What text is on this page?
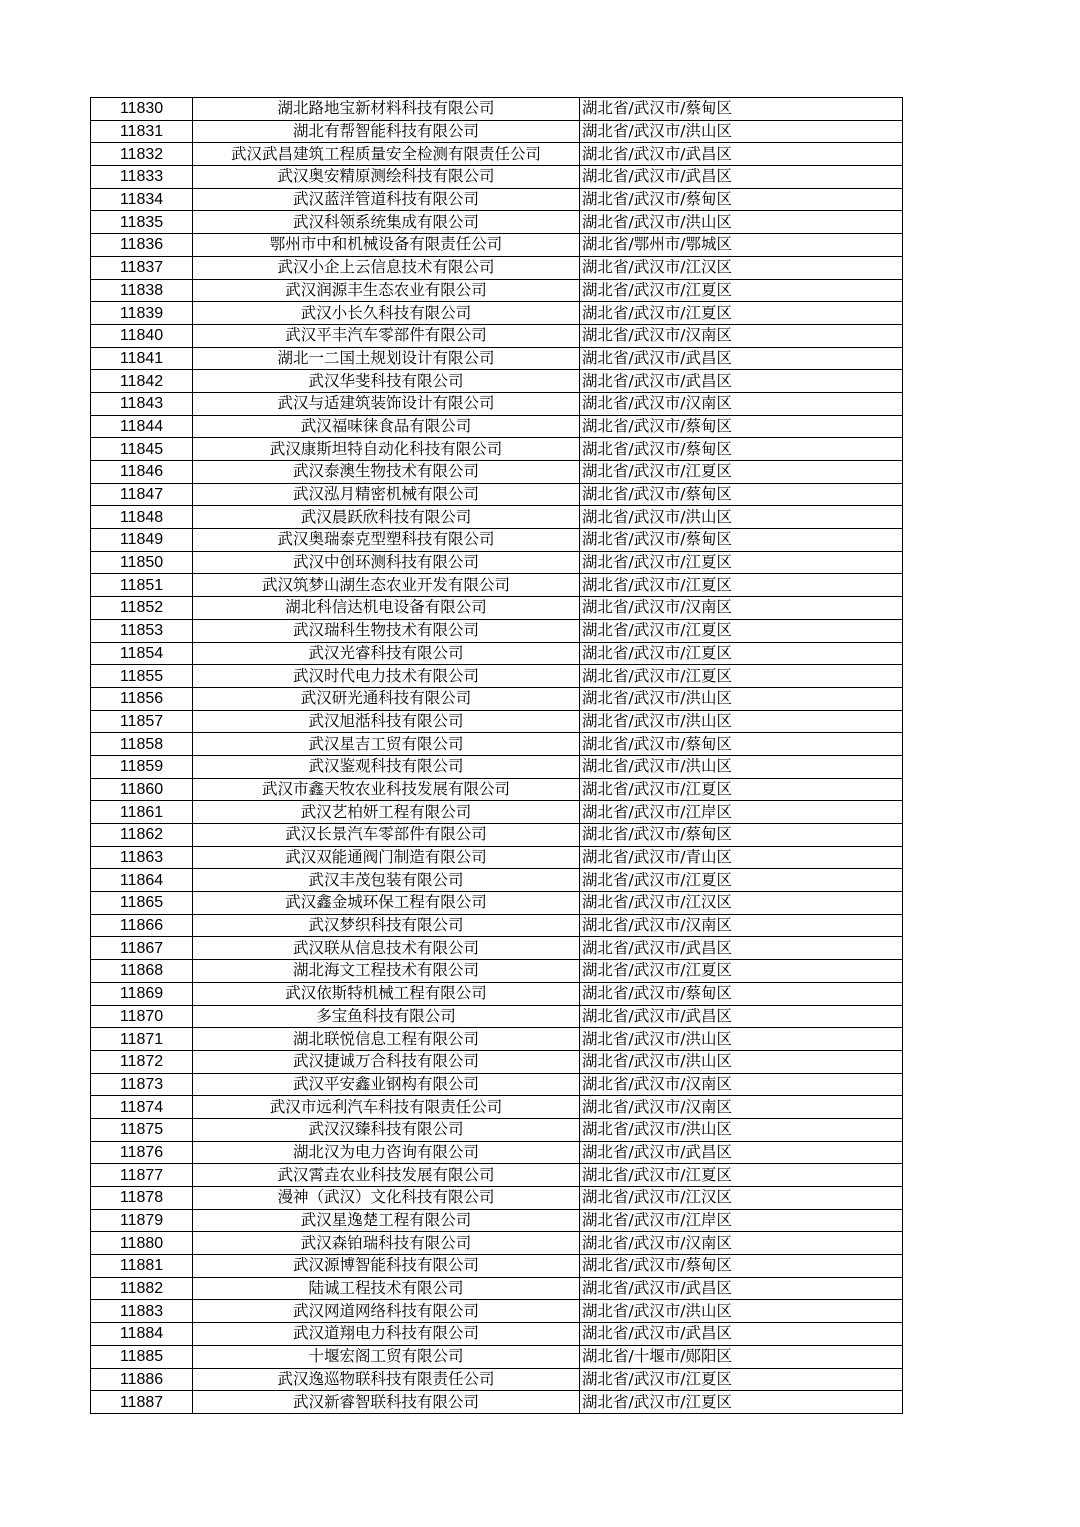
11830	湖北路地宝新材料科技有限公司	湖北省/武汉市/蔡甸区
11831	湖北有帮智能科技有限公司	湖北省/武汉市/洪山区
11832	武汉武昌建筑工程质量安全检测有限责任公司	湖北省/武汉市/武昌区
11833	武汉奥安精原测绘科技有限公司	湖北省/武汉市/武昌区
11834	武汉蓝洋管道科技有限公司	湖北省/武汉市/蔡甸区
11835	武汉科领系统集成有限公司	湖北省/武汉市/洪山区
11836	鄂州市中和机械设备有限责任公司	湖北省/鄂州市/鄂城区
11837	武汉小企上云信息技术有限公司	湖北省/武汉市/江汉区
11838	武汉润源丰生态农业有限公司	湖北省/武汉市/江夏区
11839	武汉小长久科技有限公司	湖北省/武汉市/江夏区
11840	武汉平丰汽车零部件有限公司	湖北省/武汉市/汉南区
11841	湖北一二国土规划设计有限公司	湖北省/武汉市/武昌区
11842	武汉华斐科技有限公司	湖北省/武汉市/武昌区
11843	武汉与适建筑装饰设计有限公司	湖北省/武汉市/汉南区
11844	武汉福味徕食品有限公司	湖北省/武汉市/蔡甸区
11845	武汉康斯坦特自动化科技有限公司	湖北省/武汉市/蔡甸区
11846	武汉泰澳生物技术有限公司	湖北省/武汉市/江夏区
11847	武汉泓月精密机械有限公司	湖北省/武汉市/蔡甸区
11848	武汉晨跃欣科技有限公司	湖北省/武汉市/洪山区
11849	武汉奥瑞泰克型塑科技有限公司	湖北省/武汉市/蔡甸区
11850	武汉中创环测科技有限公司	湖北省/武汉市/江夏区
11851	武汉筑梦山湖生态农业开发有限公司	湖北省/武汉市/江夏区
11852	湖北科信达机电设备有限公司	湖北省/武汉市/汉南区
11853	武汉瑞科生物技术有限公司	湖北省/武汉市/江夏区
11854	武汉光睿科技有限公司	湖北省/武汉市/江夏区
11855	武汉时代电力技术有限公司	湖北省/武汉市/江夏区
11856	武汉研光通科技有限公司	湖北省/武汉市/洪山区
11857	武汉旭湉科技有限公司	湖北省/武汉市/洪山区
11858	武汉星吉工贸有限公司	湖北省/武汉市/蔡甸区
11859	武汉鉴观科技有限公司	湖北省/武汉市/洪山区
11860	武汉市鑫天牧农业科技发展有限公司	湖北省/武汉市/江夏区
11861	武汉艺柏妍工程有限公司	湖北省/武汉市/江岸区
11862	武汉长景汽车零部件有限公司	湖北省/武汉市/蔡甸区
11863	武汉双能通阀门制造有限公司	湖北省/武汉市/青山区
11864	武汉丰茂包装有限公司	湖北省/武汉市/江夏区
11865	武汉鑫金城环保工程有限公司	湖北省/武汉市/江汉区
11866	武汉梦织科技有限公司	湖北省/武汉市/汉南区
11867	武汉联从信息技术有限公司	湖北省/武汉市/武昌区
11868	湖北海文工程技术有限公司	湖北省/武汉市/江夏区
11869	武汉依斯特机械工程有限公司	湖北省/武汉市/蔡甸区
11870	多宝鱼科技有限公司	湖北省/武汉市/武昌区
11871	湖北联悦信息工程有限公司	湖北省/武汉市/洪山区
11872	武汉捷诚万合科技有限公司	湖北省/武汉市/洪山区
11873	武汉平安鑫业钢构有限公司	湖北省/武汉市/汉南区
11874	武汉市远利汽车科技有限责任公司	湖北省/武汉市/汉南区
11875	武汉汉臻科技有限公司	湖北省/武汉市/洪山区
11876	湖北汉为电力咨询有限公司	湖北省/武汉市/武昌区
11877	武汉霄垚农业科技发展有限公司	湖北省/武汉市/江夏区
11878	漫神（武汉）文化科技有限公司	湖北省/武汉市/江汉区
11879	武汉星逸楚工程有限公司	湖北省/武汉市/江岸区
11880	武汉森铂瑞科技有限公司	湖北省/武汉市/汉南区
11881	武汉源博智能科技有限公司	湖北省/武汉市/蔡甸区
11882	陆诚工程技术有限公司	湖北省/武汉市/武昌区
11883	武汉网道网络科技有限公司	湖北省/武汉市/洪山区
11884	武汉道翔电力科技有限公司	湖北省/武汉市/武昌区
11885	十堰宏阁工贸有限公司	湖北省/十堰市/郧阳区
11886	武汉逸巡物联科技有限责任公司	湖北省/武汉市/江夏区
11887	武汉新睿智联科技有限公司	湖北省/武汉市/江夏区
